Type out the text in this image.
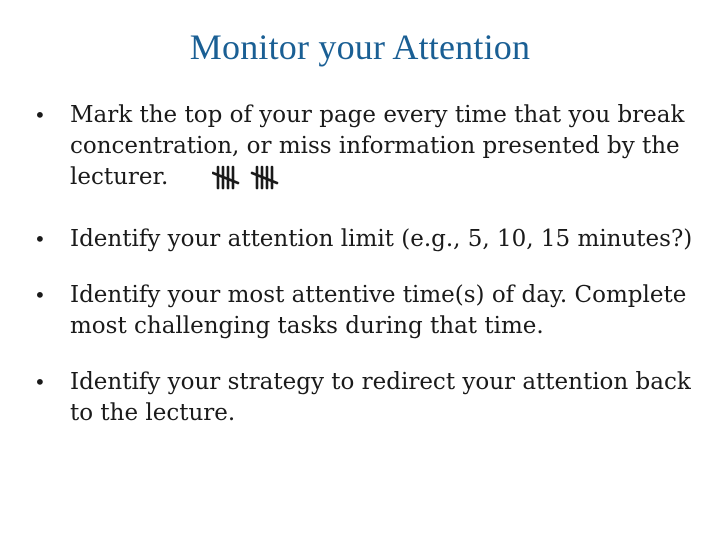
Monitor your Attention
•	Mark the top of your page every time that you break concentration, or miss information presented by the lecturer.
•	Identify your attention limit (e.g., 5, 10, 15 minutes?)
•	Identify your most attentive time(s) of day. Complete most challenging tasks during that time.
•	Identify your strategy to redirect your attention back to the lecture.
